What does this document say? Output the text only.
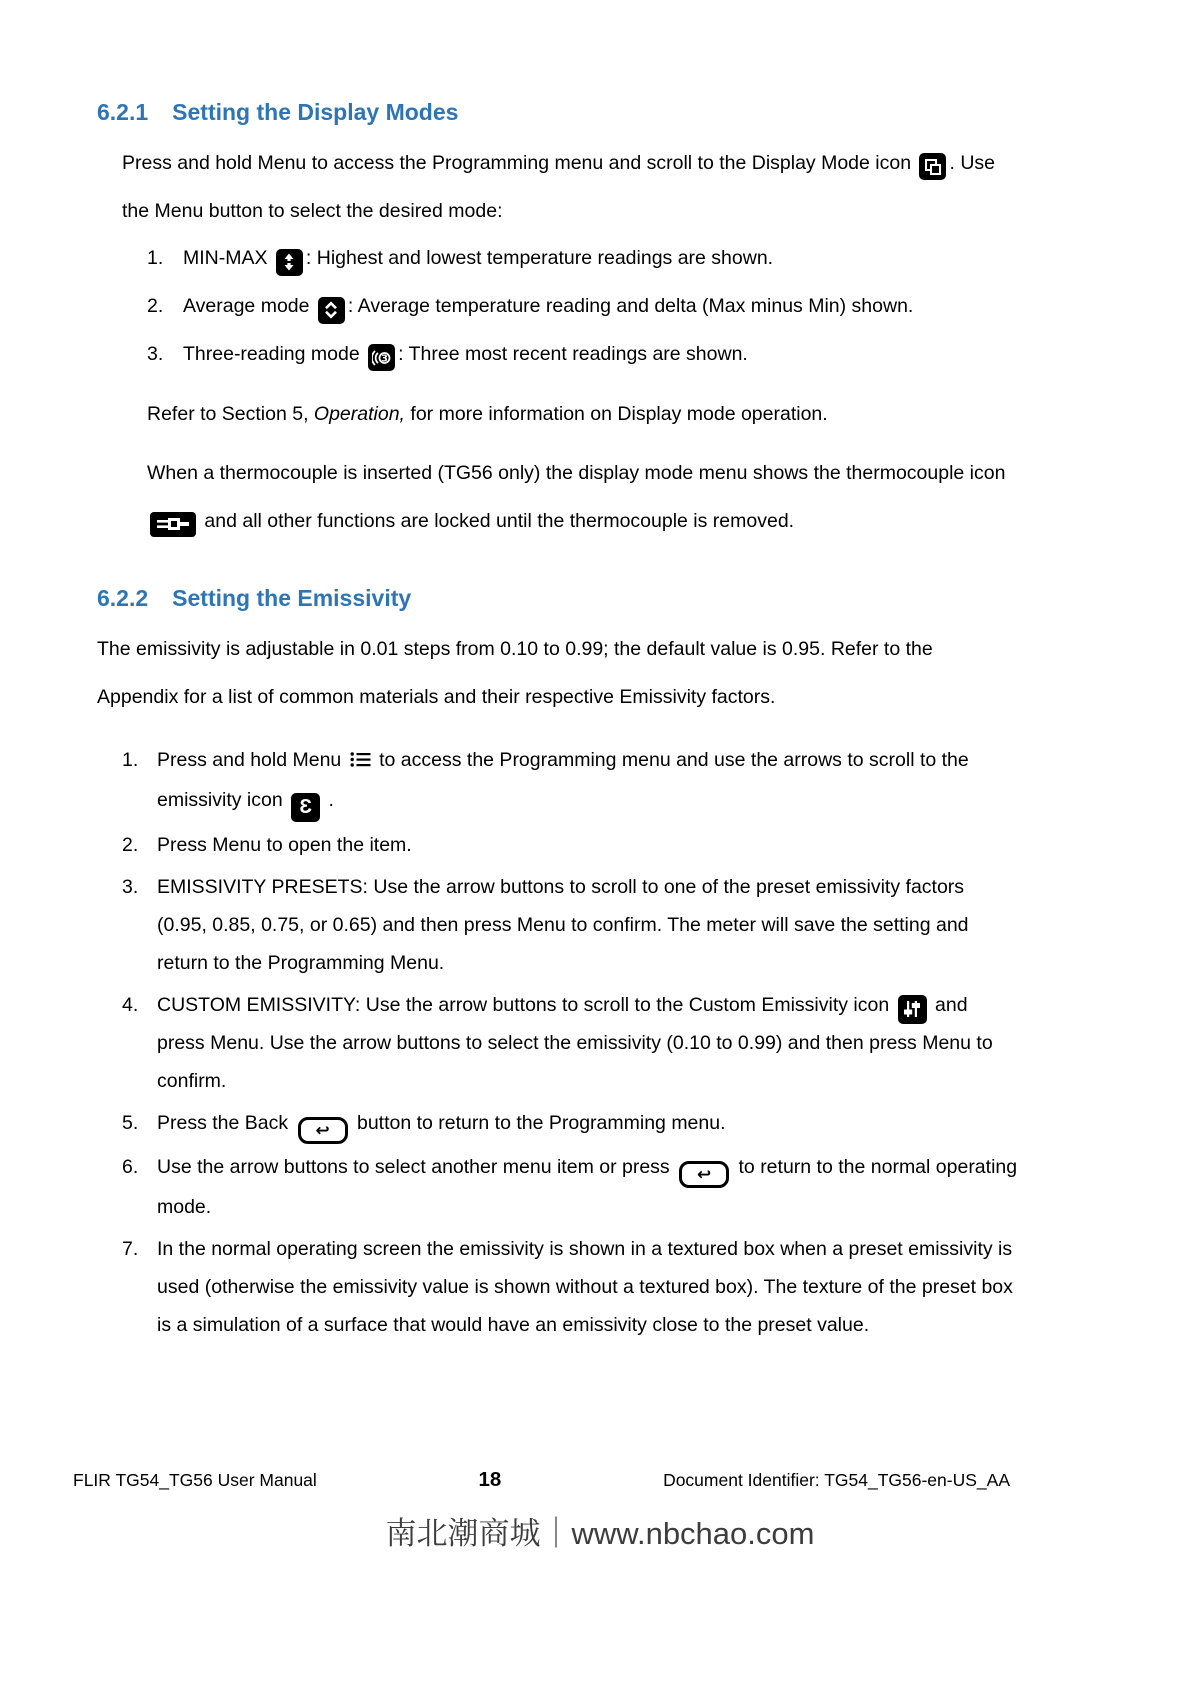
6.2.1 Setting the Display Modes

Press and hold Menu to access the Programming menu and scroll to the Display Mode icon
. Use the Menu button to select the desired mode:

1.	MIN-MAX
: Highest and lowest temperature readings are shown.
2.	Average mode
: Average temperature reading and delta (Max minus Min) shown.
3.	Three-reading mode 3 : Three most recent readings are shown.

Refer to Section 5, Operation, for more information on Display mode operation.

When a thermocouple is inserted (TG56 only) the display mode menu shows the thermocouple icon
and all other functions are locked until the thermocouple is removed.

6.2.2 Setting the Emissivity

The emissivity is adjustable in 0.01 steps from 0.10 to 0.99; the default value is 0.95. Refer to the Appendix for a list of common materials and their respective Emissivity factors.

1. Press and hold Menu  to access the Programming menu and use the arrows to scroll to the emissivity icon Ɛ .
2. Press Menu to open the item.
3. EMISSIVITY PRESETS: Use the arrow buttons to scroll to one of the preset emissivity factors (0.95, 0.85, 0.75, or 0.65) and then press Menu to confirm. The meter will save the setting and return to the Programming Menu.
4. CUSTOM EMISSIVITY: Use the arrow buttons to scroll to the Custom Emissivity icon
and press Menu. Use the arrow buttons to select the emissivity (0.10 to 0.99) and then press Menu to confirm.
5. Press the Back ↩ button to return to the Programming menu.
6. Use the arrow buttons to select another menu item or press ↩ to return to the normal operating mode.
7. In the normal operating screen the emissivity is shown in a textured box when a preset emissivity is used (otherwise the emissivity value is shown without a textured box). The texture of the preset box is a simulation of a surface that would have an emissivity close to the preset value.
FLIR TG54_TG56 User Manual	18	Document Identifier: TG54_TG56-en-US_AA
南北潮商城｜www.nbchao.com
